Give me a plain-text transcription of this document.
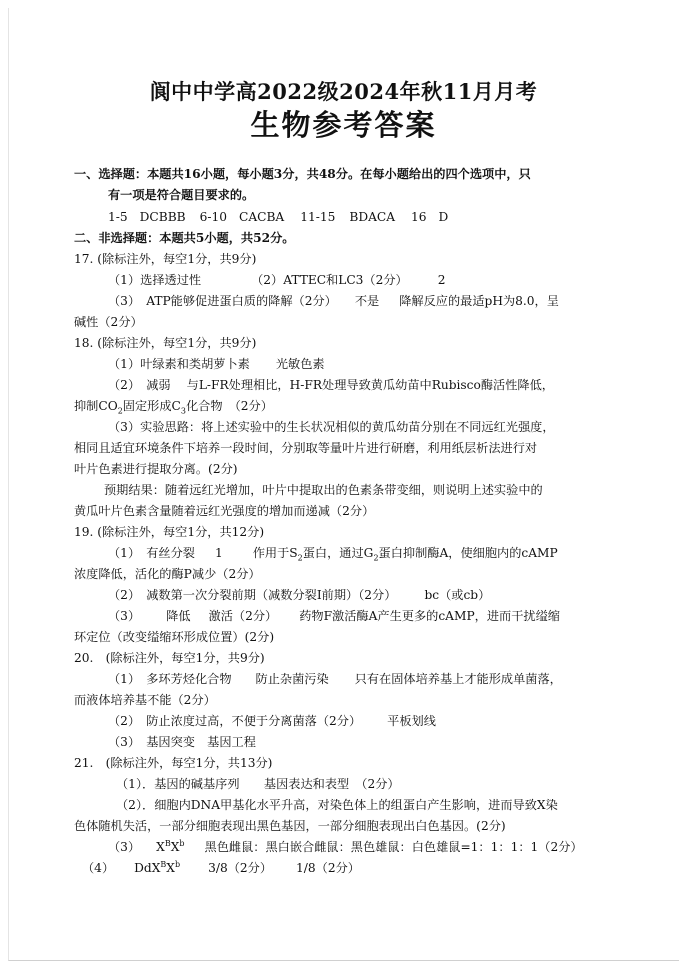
阆中中学高2022级2024年秋11月月考
生物参考答案
一、选择题：本题共16小题，每小题3分，共48分。在每小题给出的四个选项中，只
有一项是符合题目要求的。
1-5 DCBBB 6-10 CACBA 11-15 BDACA 16 D
二、非选择题：本题共5小题，共52分。
17. (除标注外，每空1分，共9分)
（1）选择透过性	（2）ATTEC和LC3（2分） 2
（3）　ATP能够促进蛋白质的降解（2分） 不是 降解反应的最适pH为8.0，呈
碱性（2分）
18. (除标注外，每空1分，共9分)
（1）叶绿素和类胡萝卜素 光敏色素
（2）　减弱　 与L-FR处理相比，H-FR处理导致黄瓜幼苗中Rubisco酶活性降低，
抑制$CO_2$固定形成$C_3$化合物　（2分）
（3）实验思路：将上述实验中的生长状况相似的黄瓜幼苗分别在不同远红光强度，
相同且适宜环境条件下培养一段时间，分别取等量叶片进行研磨，利用纸层析法进行对
叶片色素进行提取分离。(2分)
预期结果：随着远红光增加，叶片中提取出的色素条带变细，则说明上述实验中的
黄瓜叶片色素含量随着远红光强度的增加而递减（2分）
19. (除标注外，每空1分，共12分)
（1）　有丝分裂 1 作用于$S_2$蛋白，通过$G_2$蛋白抑制酶A，使细胞内的cAMP
浓度降低，活化的酶P减少（2分）
（2）　减数第一次分裂前期（减数分裂Ⅰ前期）（2分） bc（或cb）
（3） 降低 激活（2分） 药物F激活酶A产生更多的cAMP，进而干扰缢缩
环定位（改变缢缩环形成位置）(2分)
20.　(除标注外，每空1分，共9分)
（1）　多环芳烃化合物 防止杂菌污染 只有在固体培养基上才能形成单菌落，
而液体培养基不能（2分）
（2）　防止浓度过高，不便于分离菌落（2分） 平板划线
（3）　基因突变　基因工程
21.　(除标注外，每空1分，共13分)
（1）．基因的碱基序列　　基因表达和表型　（2分）
（2）．细胞内DNA甲基化水平升高，对染色体上的组蛋白产生影响，进而导致X染
色体随机失活，一部分细胞表现出黑色基因，一部分细胞表现出白色基因。(2分)
（3） $X^BX^b$ 黑色雌鼠：黑白嵌合雌鼠：黑色雄鼠：白色雄鼠=1：1：1：1（2分）
（4） $DdX^BX^b$ 3/8（2分） 1/8（2分）
